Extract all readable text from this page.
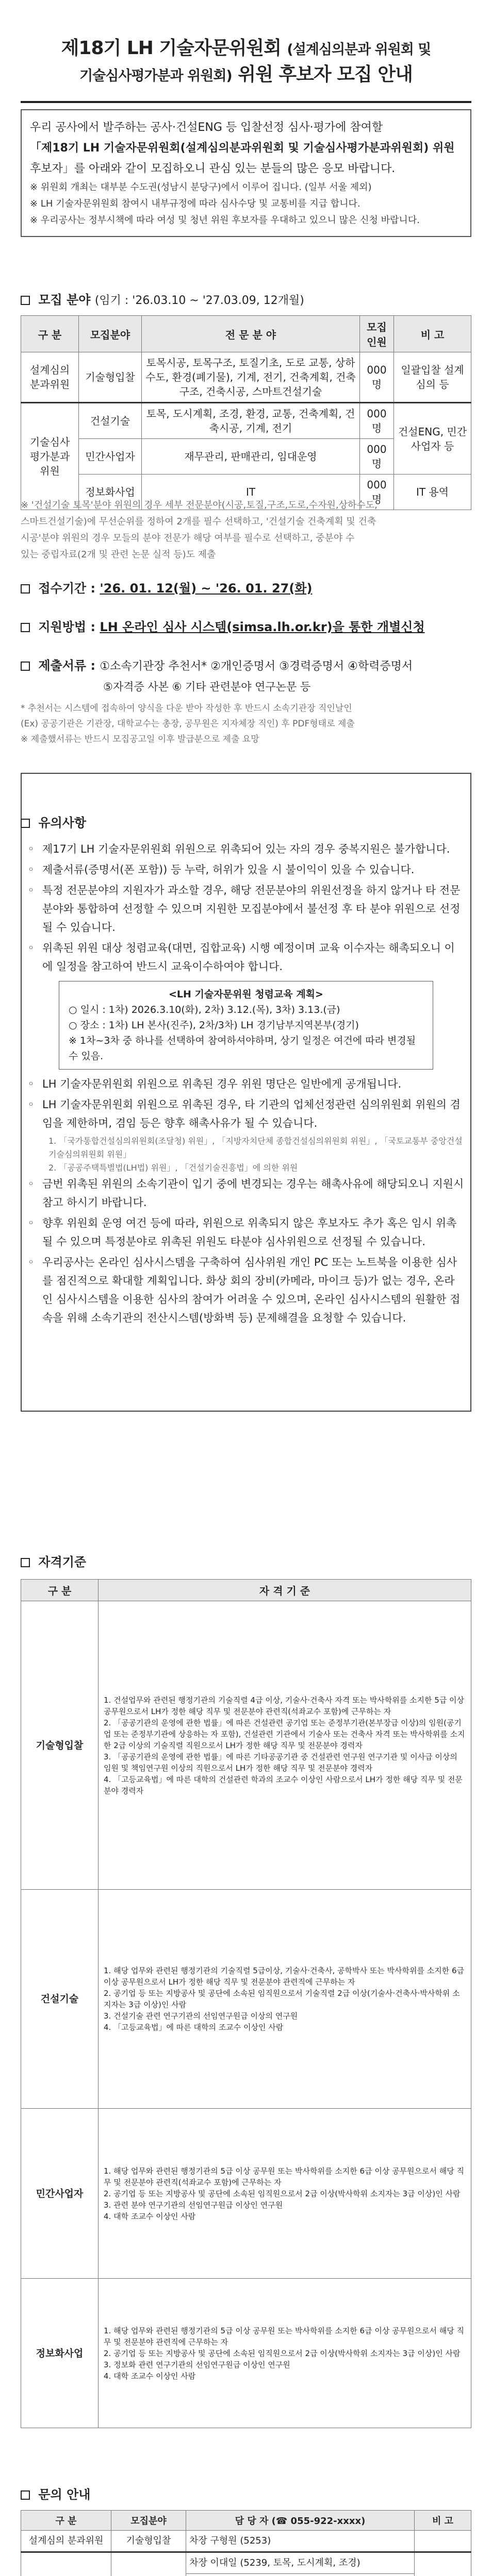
제18기 LH 기술자문위원회 (설계심의분과 위원회 및
기술심사평가분과 위원회) 위원 후보자 모집 안내
우리 공사에서 발주하는 공사·건설ENG 등 입찰선정 심사·평가에 참여할
「제18기 LH 기술자문위원회(설계심의분과위원회 및 기술심사평가분과위원회) 위원
후보자」를 아래와 같이 모집하오니 관심 있는 분들의 많은 응모 바랍니다.
※ 위원회 개최는 대부분 수도권(성남시 분당구)에서 이루어 집니다. (일부 서울 제외)
※ LH 기술자문위원회 참여시 내부규정에 따라 심사수당 및 교통비를 지급 합니다.
※ 우리공사는 정부시책에 따라 여성 및 청년 위원 후보자를 우대하고 있으니 많은 신청 바랍니다.
모집 분야 (임기 : '26.03.10 ~ '27.03.09, 12개월)
구 분	모집분야	전 문 분 야	모집인원	비 고
설계심의 분과위원	기술형입찰	토목시공, 토목구조, 토질기초, 도로 교통, 상하수도, 환경(폐기물), 기계, 전기, 건축계획, 건축구조, 건축시공, 스마트건설기술	000명	일괄입찰 설계심의 등
기술심사 평가분과 위원	건설기술	토목, 도시계획, 조경, 환경, 교통, 건축계획, 건축시공, 기계, 전기	000명	건설ENG, 민간사업자 등
	민간사업자	재무관리, 판매관리, 임대운영	000명	
	정보화사업	IT	000명	IT 용역
※ '건설기술 토목'분야 위원의 경우 세부 전문분야(시공,토질,구조,도로,수자원,상하수도,
스마트건설기술)에 무선순위를 정하여 2개를 필수 선택하고, '건설기술 건축계획 및 건축
시공'분야 위원의 경우 모들의 분야 전문가 해당 여부를 필수로 선택하고, 중분야 수
있는 중립자료(2개 및 관련 논문 실적 등)도 제출
접수기간 : '26. 01. 12(월) ~ '26. 01. 27(화)
지원방법 : LH 온라인 심사 시스템(simsa.lh.or.kr)을 통한 개별신청
제출서류 : ①소속기관장 추천서* ②개인증명서 ③경력증명서 ④학력증명서
⑤자격증 사본 ⑥ 기타 관련분야 연구논문 등
* 추천서는 시스템에 접속하여 양식을 다운 받아 작성한 후 반드시 소속기관장 직인날인
(Ex) 공공기관은 기관장, 대학교수는 총장, 공무원은 지자체장 직인) 후 PDF형태로 제출
※ 제출했서류는 반드시 모집공고일 이후 발급분으로 제출 요망
유의사항
◦ 제17기 LH 기술자문위원회 위원으로 위촉되어 있는 자의 경우 중복지원은 불가합니다.
◦ 제출서류(증명서(폰 포함)) 등 누락, 허위가 있을 시 불이익이 있을 수 있습니다.
◦ 특정 전문분야의 지원자가 과소할 경우, 해당 전문분야의 위원선정을 하지 않거나 타 전문분야와 통합하여 선정할 수 있으며 지원한 모집분야에서 불선정 후 타 분야 위원으로 선정될 수 있습니다.
◦ 위촉된 위원 대상 청렴교육(대면, 집합교육) 시행 예정이며 교육 이수자는 해촉되오니 이에 일정을 참고하여 반드시 교육이수하여야 합니다.
<LH 기술자문위원 청렴교육 계획>
○ 일시 : 1차) 2026.3.10(화), 2차) 3.12.(목), 3차) 3.13.(금)
○ 장소 : 1차) LH 본사(진주), 2차/3차) LH 경기남부지역본부(경기)
※ 1차~3차 중 하나를 선택하여 참여하셔야하며, 상기 일정은 여건에 따라 변경될 수 있음.
◦ LH 기술자문위원회 위원으로 위촉된 경우 위원 명단은 일반에게 공개됩니다.
◦ LH 기술자문위원회 위원으로 위촉된 경우, 타 기관의 업체선정관련 심의위원회 위원의 겸임을 제한하며, 겸임 등은 향후 해촉사유가 될 수 있습니다.
1. 「국가통합건설심의위원회(조달청) 위원」, 「지방자치단체 종합건설심의위원회 위원」, 「국토교통부 중앙건설기술심의위원회 위원」
2. 「공공주택특별법(LH법) 위원」, 「건설기술진흥법」에 의한 위원
◦ 금번 위촉된 위원의 소속기관이 입기 중에 변경되는 경우는 해촉사유에 해당되오니 지원시 참고 하시기 바랍니다.
◦ 향후 위원회 운영 여건 등에 따라, 위원으로 위촉되지 않은 후보자도 추가 혹은 임시 위촉될 수 있으며 특정분야로 위촉된 위원도 타분야 심사위원으로 선정될 수 있습니다.
◦ 우리공사는 온라인 심사시스템을 구축하여 심사위원 개인 PC 또는 노트북을 이용한 심사를 점진적으로 확대할 계획입니다. 화상 회의 장비(카메라, 마이크 등)가 없는 경우, 온라인 심사시스템을 이용한 심사의 참여가 어려울 수 있으며, 온라인 심사시스템의 원활한 접속을 위해 소속기관의 전산시스템(방화벽 등) 문제해결을 요청할 수 있습니다.
자격기준
구 분	자 격 기 준
기술형입찰	1. 건설업무와 관련된 행정기관의 기술직렬 4급 이상, 기술사·건축사 자격 또는 박사학위를 소지한 5급 이상 공무원으로서 LH가 정한 해당 직무 및 전문분야 관련직(석좌교수 포함)에 근무하는 자
2. 「공공기관의 운영에 관한 법률」에 따른 건설관련 공기업 또는 준정부기관(본부장급 이상)의 임원(공기업 또는 준정부기관에 상응하는 자 포함), 건설관련 기관에서 기술사 또는 건축사 자격 또는 박사학위를 소지한 2급 이상의 기술직렬 직원으로서 LH가 정한 해당 직무 및 전문분야 경력자
3. 「공공기관의 운영에 관한 법률」에 따른 기타공공기관 중 건설관련 연구원 연구기관 및 이사급 이상의 임원 및 책임연구원 이상의 직원으로서 LH가 정한 해당 직무 및 전문분야 경력자
4. 「고등교육법」에 따른 대학의 건설관련 학과의 조교수 이상인 사람으로서 LH가 정한 해당 직무 및 전문분야 경력자
건설기술	1. 해당 업무와 관련된 행정기관의 기술직렬 5급이상, 기술사·건축사, 공학박사 또는 박사학위를 소지한 6급 이상 공무원으로서 LH가 정한 해당 직무 및 전문분야 관련직에 근무하는 자
2. 공기업 등 또는 지방공사 및 공단에 소속된 임직원으로서 기술직렬 2급 이상(기술사·건축사·박사학위 소지자는 3급 이상)인 사람
3. 건설기술 관련 연구기관의 선임연구원급 이상의 연구원
4. 「고등교육법」에 따른 대학의 조교수 이상인 사람
민간사업자	1. 해당 업무와 관련된 행정기관의 5급 이상 공무원 또는 박사학위를 소지한 6급 이상 공무원으로서 해당 직무 및 전문분야 관련직(석좌교수 포함)에 근무하는 자
2. 공기업 등 또는 지방공사 및 공단에 소속된 임직원으로서 2급 이상(박사학위 소지자는 3급 이상)인 사람
3. 관련 분야 연구기관의 선임연구원급 이상인 연구원
4. 대학 조교수 이상인 사람
정보화사업	1. 해당 업무와 관련된 행정기관의 5급 이상 공무원 또는 박사학위를 소지한 6급 이상 공무원으로서 해당 직무 및 전문분야 관련직에 근무하는 자
2. 공기업 등 또는 지방공사 및 공단에 소속된 임직원으로서 2급 이상(박사학위 소지자는 3급 이상)인 사람
3. 정보화 관련 연구기관의 선임연구원급 이상인 연구원
4. 대학 조교수 이상인 사람
문의 안내
구 분	모집분야	담 당 자 (☎ 055-922-xxxx)	비 고
설계심의 분과위원	기술형입찰	차장 구형원 (5253)	
		차장 이대일 (5239, 토목, 도시계획, 조경)	
